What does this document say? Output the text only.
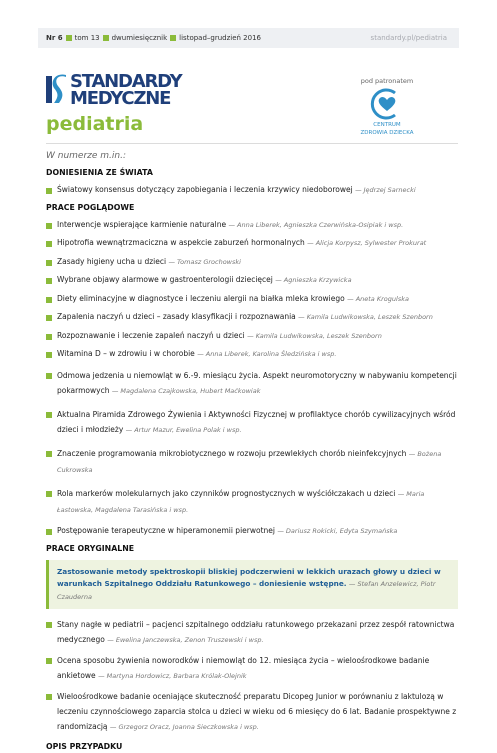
Nr 6 tom 13 dwumiesięcznik listopad–grudzień 2016	standardy.pl/pediatria
STANDARDY
MEDYCZNE
pediatria
pod patronatem
CENTRUM
ZDROWIA DZIECKA
W numerze m.in.:

DONIESIENIA ZE ŚWIATA

Światowy konsensus dotyczący zapobiegania i leczenia krzywicy niedoborowej — Jędrzej Sarnecki

PRACE POGLĄDOWE

Interwencje wspierające karmienie naturalne — Anna Liberek, Agnieszka Czerwińska-Osipiak i wsp.
Hipotrofia wewnątrzmaciczna w aspekcie zaburzeń hormonalnych — Alicja Korpysz, Sylwester Prokurat
Zasady higieny ucha u dzieci — Tomasz Grochowski
Wybrane objawy alarmowe w gastroenterologii dziecięcej — Agnieszka Krzywicka
Diety eliminacyjne w diagnostyce i leczeniu alergii na białka mleka krowiego — Aneta Krogulska
Zapalenia naczyń u dzieci – zasady klasyfikacji i rozpoznawania — Kamila Ludwikowska, Leszek Szenborn
Rozpoznawanie i leczenie zapaleń naczyń u dzieci — Kamila Ludwikowska, Leszek Szenborn
Witamina D – w zdrowiu i w chorobie — Anna Liberek, Karolina Śledzińska i wsp.
Odmowa jedzenia u niemowląt w 6.-9. miesiącu życia. Aspekt neuromotoryczny w nabywaniu kompetencji pokarmowych — Magdalena Czajkowska, Hubert Maćkowiak
Aktualna Piramida Zdrowego Żywienia i Aktywności Fizycznej w profilaktyce chorób cywilizacyjnych wśród dzieci i młodzieży — Artur Mazur, Ewelina Polak i wsp.
Znaczenie programowania mikrobiotycznego w rozwoju przewlekłych chorób nieinfekcyjnych — Bożena Cukrowska
Rola markerów molekularnych jako czynników prognostycznych w wyściółczakach u dzieci — Maria Łastowska, Magdalena Tarasińska i wsp.
Postępowanie terapeutyczne w hiperamonemii pierwotnej — Dariusz Rokicki, Edyta Szymańska

PRACE ORYGINALNE

Zastosowanie metody spektroskopii bliskiej podczerwieni w lekkich urazach głowy u dzieci w warunkach Szpitalnego Oddziału Ratunkowego – doniesienie wstępne. — Stefan Anzelewicz, Piotr Czauderna
Stany nagłe w pediatrii – pacjenci szpitalnego oddziału ratunkowego przekazani przez zespół ratownictwa medycznego — Ewelina Janczewska, Zenon Truszewski i wsp.
Ocena sposobu żywienia noworodków i niemowląt do 12. miesiąca życia – wieloośrodkowe badanie ankietowe — Martyna Hordowicz, Barbara Królak-Olejnik
Wieloośrodkowe badanie oceniające skuteczność preparatu Dicopeg Junior w porównaniu z laktulozą w leczeniu czynnościowego zaparcia stolca u dzieci w wieku od 6 miesięcy do 6 lat. Badanie prospektywne z randomizacją — Grzegorz Oracz, Joanna Sieczkowska i wsp.

OPIS PRZYPADKU
